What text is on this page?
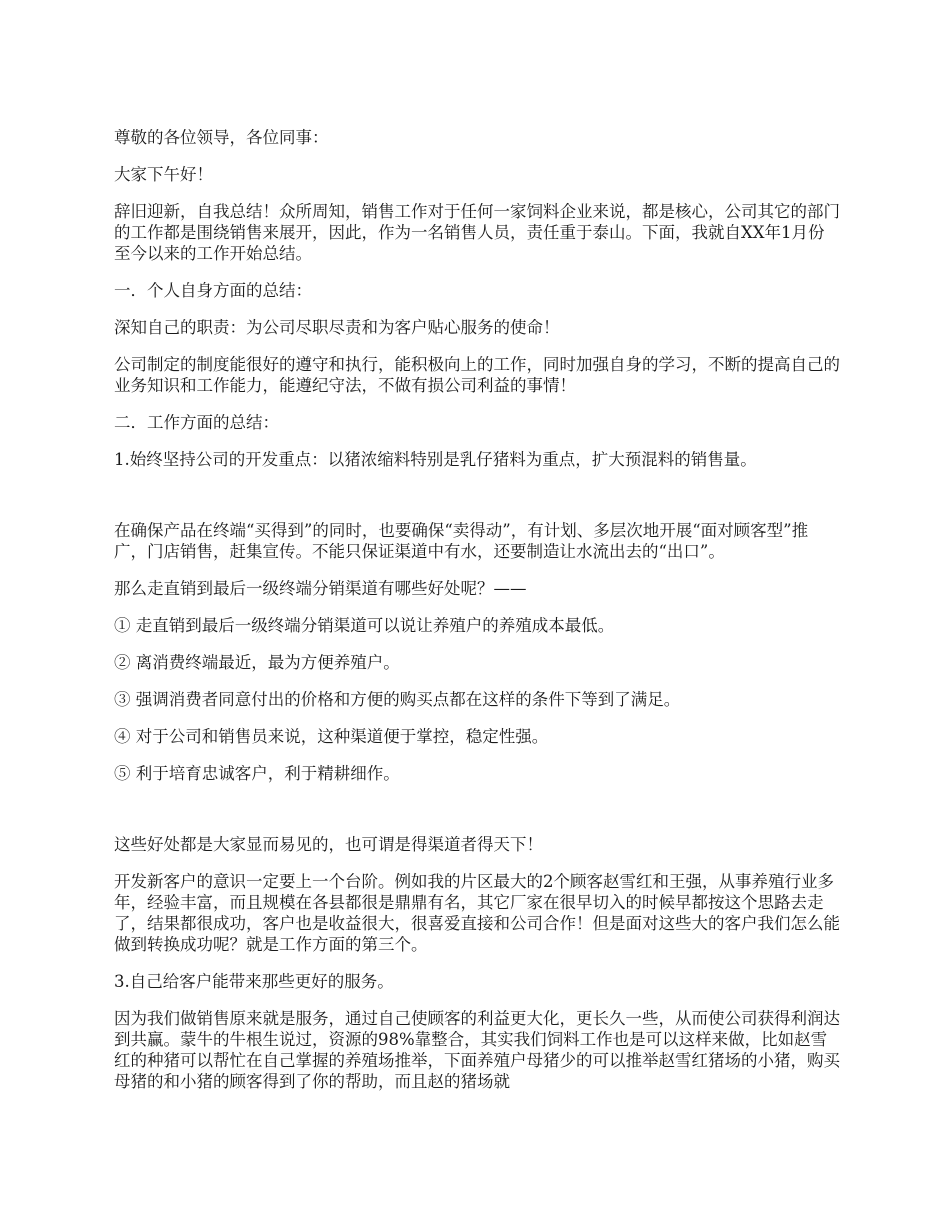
尊敬的各位领导，各位同事：

大家下午好！

辞旧迎新，自我总结！众所周知，销售工作对于任何一家饲料企业来说，都是核心，公司其它的部门的工作都是围绕销售来展开，因此，作为一名销售人员，责任重于泰山。下面，我就自XX年1月份至今以来的工作开始总结。

一．个人自身方面的总结：

深知自己的职责：为公司尽职尽责和为客户贴心服务的使命！

公司制定的制度能很好的遵守和执行，能积极向上的工作，同时加强自身的学习，不断的提高自己的业务知识和工作能力，能遵纪守法，不做有损公司利益的事情！

二．工作方面的总结：

1.始终坚持公司的开发重点：以猪浓缩料特别是乳仔猪料为重点，扩大预混料的销售量。

在确保产品在终端“买得到”的同时，也要确保“卖得动”，有计划、多层次地开展“面对顾客型”推广，门店销售，赶集宣传。不能只保证渠道中有水，还要制造让水流出去的“出口”。

那么走直销到最后一级终端分销渠道有哪些好处呢？——

① 走直销到最后一级终端分销渠道可以说让养殖户的养殖成本最低。

② 离消费终端最近，最为方便养殖户。

③ 强调消费者同意付出的价格和方便的购买点都在这样的条件下等到了满足。

④ 对于公司和销售员来说，这种渠道便于掌控，稳定性强。

⑤ 利于培育忠诚客户，利于精耕细作。

这些好处都是大家显而易见的，也可谓是得渠道者得天下！

开发新客户的意识一定要上一个台阶。例如我的片区最大的2个顾客赵雪红和王强，从事养殖行业多年，经验丰富，而且规模在各县都很是鼎鼎有名，其它厂家在很早切入的时候早都按这个思路去走了，结果都很成功，客户也是收益很大，很喜爱直接和公司合作！但是面对这些大的客户我们怎么能做到转换成功呢？就是工作方面的第三个。

3.自己给客户能带来那些更好的服务。

因为我们做销售原来就是服务，通过自己使顾客的利益更大化，更长久一些，从而使公司获得利润达到共赢。蒙牛的牛根生说过，资源的98%靠整合，其实我们饲料工作也是可以这样来做，比如赵雪红的种猪可以帮忙在自己掌握的养殖场推举，下面养殖户母猪少的可以推举赵雪红猪场的小猪，购买母猪的和小猪的顾客得到了你的帮助，而且赵的猪场就
